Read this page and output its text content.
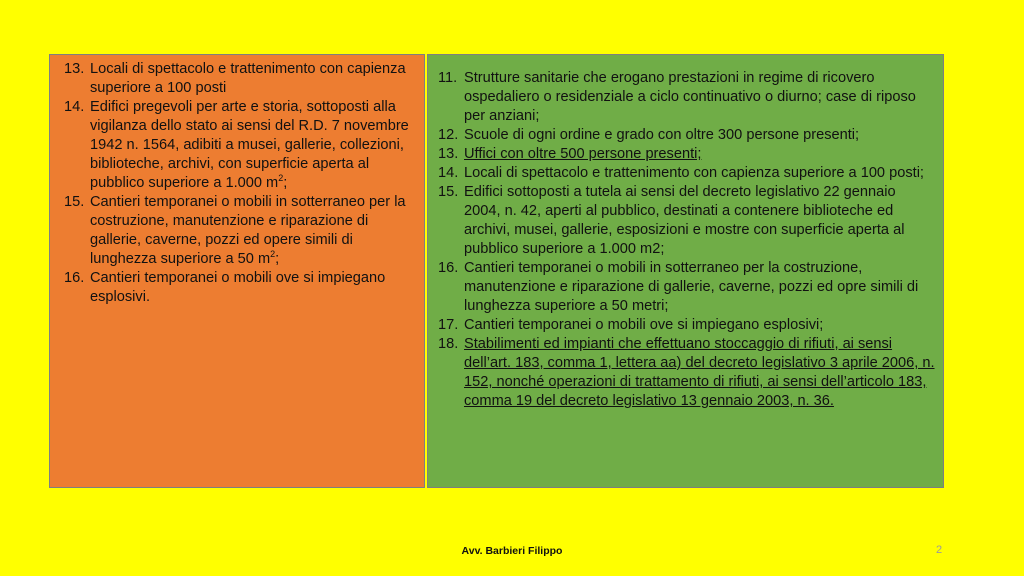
13. Locali di spettacolo e trattenimento con capienza superiore a 100 posti
14. Edifici pregevoli per arte e storia, sottoposti alla vigilanza dello stato ai sensi del R.D. 7 novembre 1942 n. 1564, adibiti a musei, gallerie, collezioni, biblioteche, archivi, con superficie aperta al pubblico superiore a 1.000 $m^2$;
15. Cantieri temporanei o mobili in sotterraneo per la costruzione, manutenzione e riparazione di gallerie, caverne, pozzi ed opere simili di lunghezza superiore a 50 $m^2$;
16. Cantieri temporanei o mobili ove si impiegano esplosivi.
11. Strutture sanitarie che erogano prestazioni in regime di ricovero ospedaliero o residenziale a ciclo continuativo o diurno; case di riposo per anziani;
12. Scuole di ogni ordine e grado con oltre 300 persone presenti;
13. Uffici con oltre 500 persone presenti;
14. Locali di spettacolo e trattenimento con capienza superiore a 100 posti;
15. Edifici sottoposti a tutela ai sensi del decreto legislativo 22 gennaio 2004, n. 42, aperti al pubblico, destinati a contenere biblioteche ed archivi, musei, gallerie, esposizioni e mostre con superficie aperta al pubblico superiore a 1.000 m2;
16. Cantieri temporanei o mobili in sotterraneo per la costruzione, manutenzione e riparazione di gallerie, caverne, pozzi ed opre simili di lunghezza superiore a 50 metri;
17. Cantieri temporanei o mobili ove si impiegano esplosivi;
18. Stabilimenti ed impianti che effettuano stoccaggio di rifiuti, ai sensi dell’art. 183, comma 1, lettera aa) del decreto legislativo 3 aprile 2006, n. 152, nonché operazioni di trattamento di rifiuti, ai sensi dell’articolo 183, comma 19 del decreto legislativo 13 gennaio 2003, n. 36.
Avv. Barbieri Filippo	2
